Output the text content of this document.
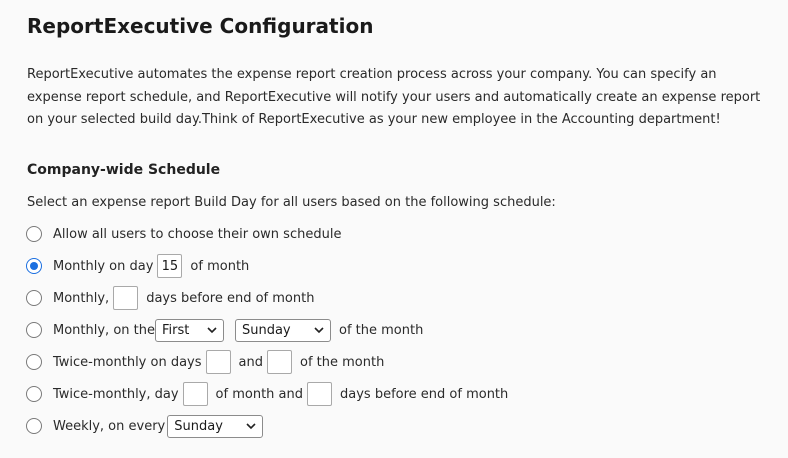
ReportExecutive Configuration
ReportExecutive automates the expense report creation process across your company. You can specify an expense report schedule, and ReportExecutive will notify your users and automatically create an expense report on your selected build day.Think of ReportExecutive as your new employee in the Accounting department!
Company-wide Schedule
Select an expense report Build Day for all users based on the following schedule:
Allow all users to choose their own schedule
Monthly on day
15	of month
Monthly,	days before end of month
Monthly, on the First	Sunday	of the month
Twice-monthly on days	and	of the month
Twice-monthly, day	of month and	days before end of month
Weekly, on every Sunday
